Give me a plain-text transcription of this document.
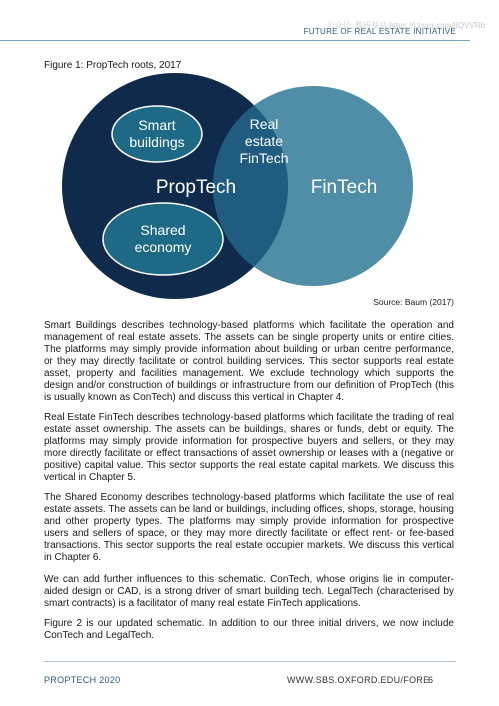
公众号: 数研基站 https://l.zsxq.com/IIQVVRb
FUTURE OF REAL ESTATE INITIATIVE
Figure 1: PropTech roots, 2017
Smart
buildings
Real
estate
FinTech
PropTech	FinTech
Shared
economy
Source: Baum (2017)

Smart Buildings describes technology-based platforms which facilitate the operation and management of real estate assets. The assets can be single property units or entire cities. The platforms may simply provide information about building or urban centre performance, or they may directly facilitate or control building services. This sector supports real estate asset, property and facilities management. We exclude technology which supports the design and/or construction of buildings or infrastructure from our definition of PropTech (this is usually known as ConTech) and discuss this vertical in Chapter 4.

Real Estate FinTech describes technology-based platforms which facilitate the trading of real estate asset ownership. The assets can be buildings, shares or funds, debt or equity. The platforms may simply provide information for prospective buyers and sellers, or they may more directly facilitate or effect transactions of asset ownership or leases with a (negative or positive) capital value. This sector supports the real estate capital markets. We discuss this vertical in Chapter 5.

The Shared Economy describes technology-based platforms which facilitate the use of real estate assets. The assets can be land or buildings, including offices, shops, storage, housing and other property types. The platforms may simply provide information for prospective users and sellers of space, or they may more directly facilitate or effect rent- or fee-based transactions. This sector supports the real estate occupier markets. We discuss this vertical in Chapter 6.

We can add further influences to this schematic. ConTech, whose origins lie in computer-aided design or CAD, is a strong driver of smart building tech. LegalTech (characterised by smart contracts) is a facilitator of many real estate FinTech applications.

Figure 2 is our updated schematic. In addition to our three initial drivers, we now include ConTech and LegalTech.

PROPTECH 2020	WWW.SBS.OXFORD.EDU/FORE
6
